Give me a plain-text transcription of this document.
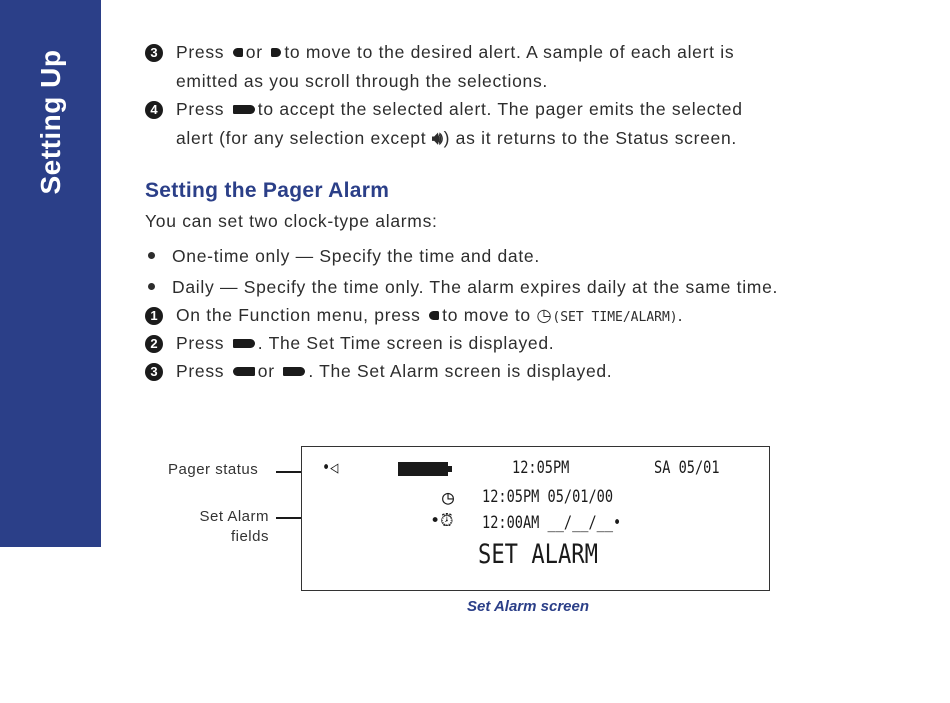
Setting Up	3 Press or to move to the desired alert. A sample of each alert is
emitted as you scroll through the selections.
4 Press to accept the selected alert. The pager emits the selected
alert (for any selection except 🔊︎) as it returns to the Status screen.
Setting the Pager Alarm
You can set two clock-type alarms:
One-time only — Specify the time and date.
Daily — Specify the time only. The alarm expires daily at the same time.
1 On the Function menu, press to move to ◷(SET TIME/ALARM).
2 Press . The Set Time screen is displayed.
3 Press or . The Set Alarm screen is displayed.
Pager status
Set Alarm
fields
•◁	12:05PM	SA 05/01
◷ 12:05PM 05/01/00
•⏰︎ 12:00AM __/__/__•
SET ALARM
Set Alarm screen
